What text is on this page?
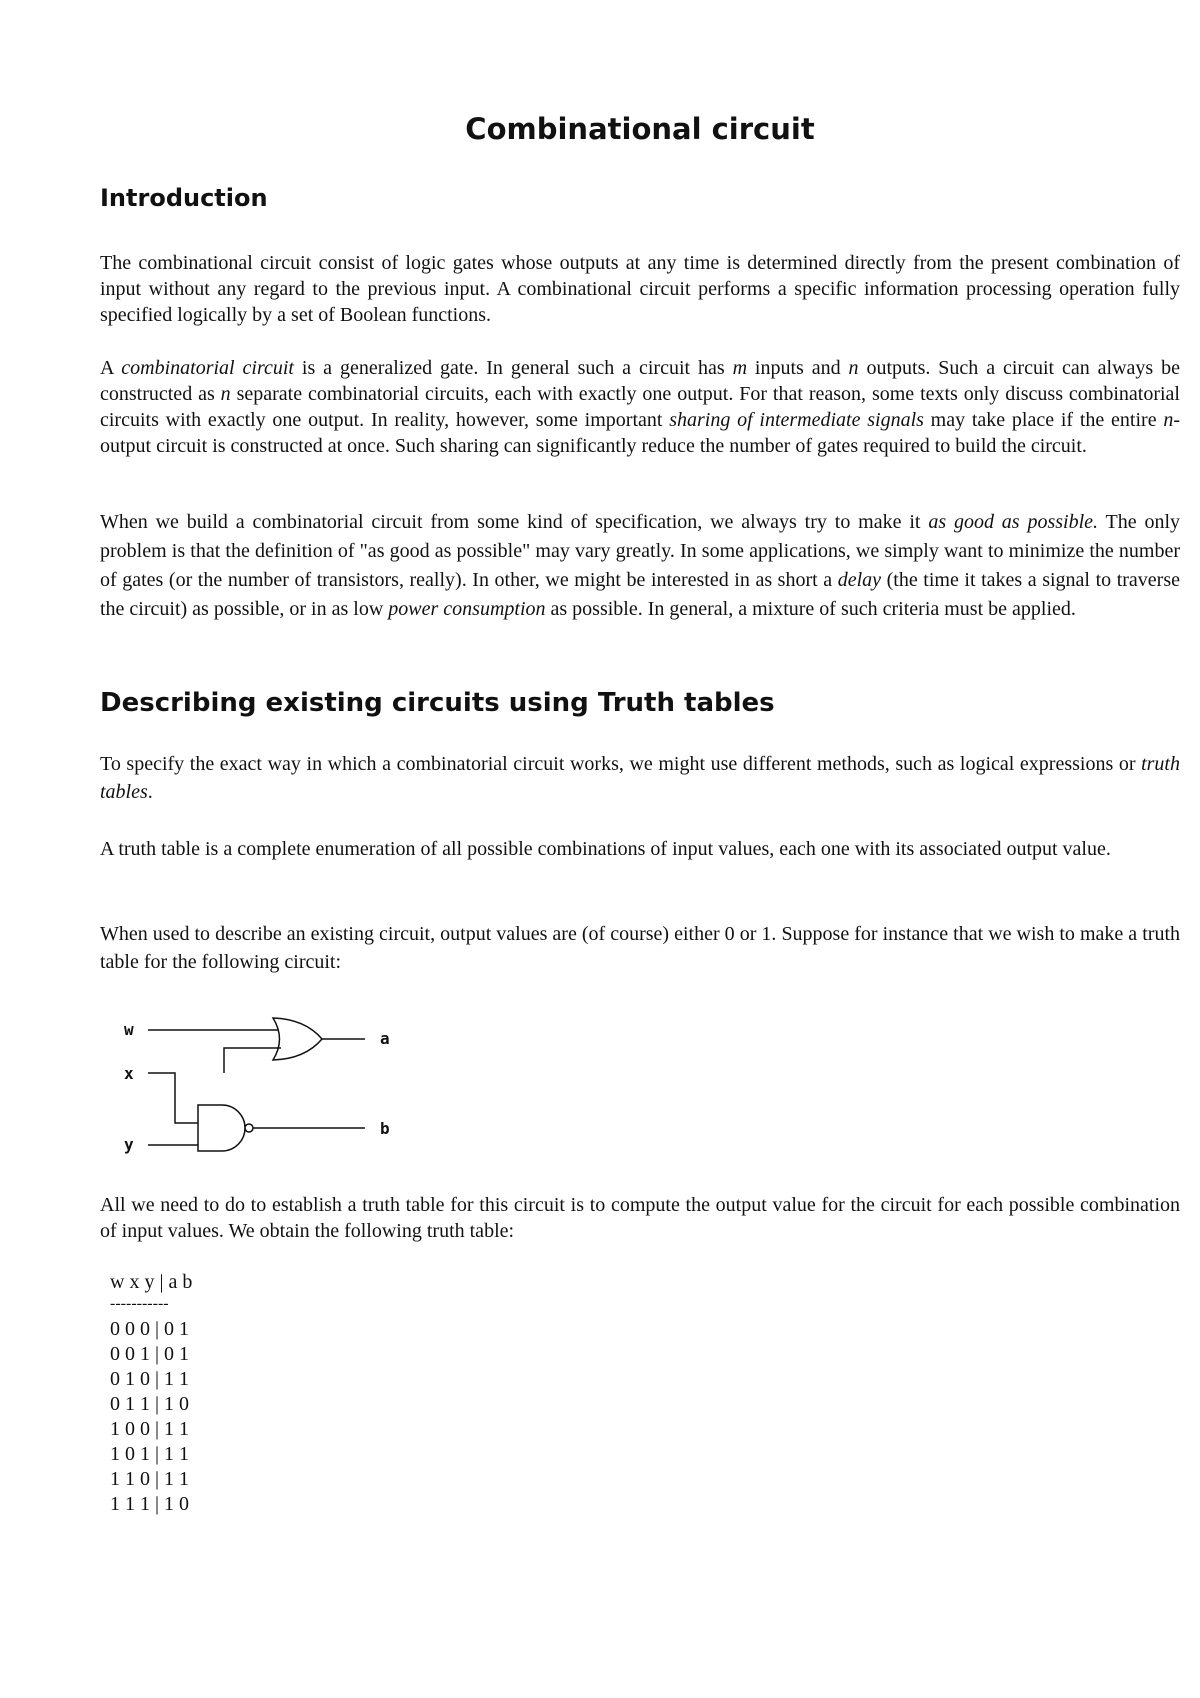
Combinational circuit
Introduction

The combinational circuit consist of logic gates whose outputs at any time is determined directly from the present combination of input without any regard to the previous input. A combinational circuit performs a specific information processing operation fully specified logically by a set of Boolean functions.

A combinatorial circuit is a generalized gate. In general such a circuit has m inputs and n outputs. Such a circuit can always be constructed as n separate combinatorial circuits, each with exactly one output. For that reason, some texts only discuss combinatorial circuits with exactly one output. In reality, however, some important sharing of intermediate signals may take place if the entire n-output circuit is constructed at once. Such sharing can significantly reduce the number of gates required to build the circuit.

When we build a combinatorial circuit from some kind of specification, we always try to make it as good as possible. The only problem is that the definition of "as good as possible" may vary greatly. In some applications, we simply want to minimize the number of gates (or the number of transistors, really). In other, we might be interested in as short a delay (the time it takes a signal to traverse the circuit) as possible, or in as low power consumption as possible. In general, a mixture of such criteria must be applied.

Describing existing circuits using Truth tables

To specify the exact way in which a combinatorial circuit works, we might use different methods, such as logical expressions or truth tables.

A truth table is a complete enumeration of all possible combinations of input values, each one with its associated output value.

When used to describe an existing circuit, output values are (of course) either 0 or 1. Suppose for instance that we wish to make a truth table for the following circuit:

w
x
y
a
b

All we need to do to establish a truth table for this circuit is to compute the output value for the circuit for each possible combination of input values. We obtain the following truth table:

w x y | a b
-----------
0 0 0 | 0 1
0 0 1 | 0 1
0 1 0 | 1 1
0 1 1 | 1 0
1 0 0 | 1 1
1 0 1 | 1 1
1 1 0 | 1 1
1 1 1 | 1 0
